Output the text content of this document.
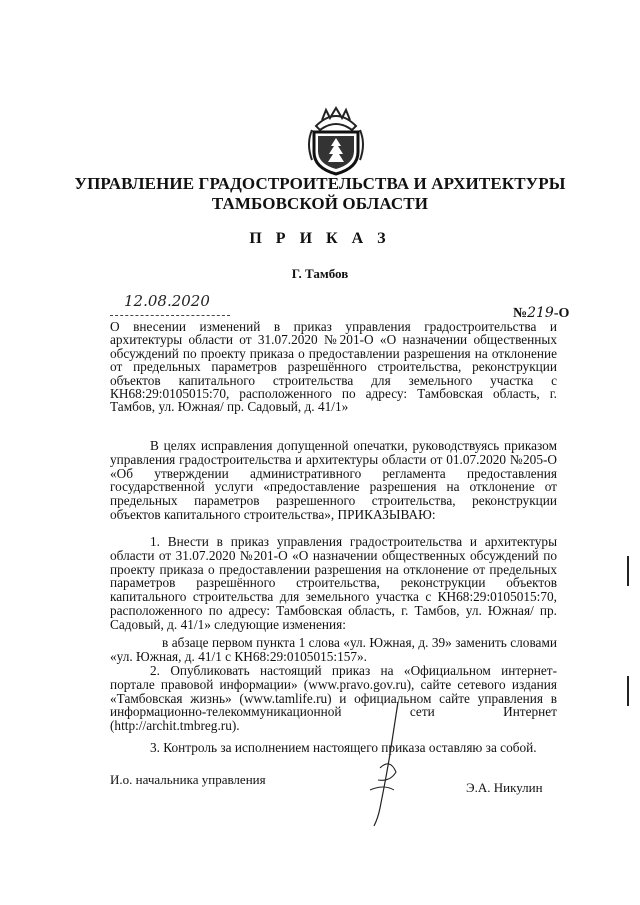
УПРАВЛЕНИЕ ГРАДОСТРОИТЕЛЬСТВА И АРХИТЕКТУРЫ
ТАМБОВСКОЙ ОБЛАСТИ
П Р И К А З
Г. Тамбов
12.08.2020
№219-О
О внесении изменений в приказ управления градостроительства и архитектуры области от 31.07.2020 №201-О «О назначении общественных обсуждений по проекту приказа о предоставлении разрешения на отклонение от предельных параметров разрешённого строительства, реконструкции объектов капитального строительства для земельного участка с КН68:29:0105015:70, расположенного по адресу: Тамбовская область, г. Тамбов, ул. Южная/ пр. Садовый, д. 41/1»
В целях исправления допущенной опечатки, руководствуясь приказом управления градостроительства и архитектуры области от 01.07.2020 №205-О «Об утверждении административного регламента предоставления государственной услуги «предоставление разрешения на отклонение от предельных параметров разрешенного строительства, реконструкции объектов капитального строительства», ПРИКАЗЫВАЮ:
1. Внести в приказ управления градостроительства и архитектуры области от 31.07.2020 №201-О «О назначении общественных обсуждений по проекту приказа о предоставлении разрешения на отклонение от предельных параметров разрешённого строительства, реконструкции объектов капитального строительства для земельного участка с КН68:29:0105015:70, расположенного по адресу: Тамбовская область, г. Тамбов, ул. Южная/ пр. Садовый, д. 41/1» следующие изменения:
в абзаце первом пункта 1 слова «ул. Южная, д. 39» заменить словами «ул. Южная, д. 41/1 с КН68:29:0105015:157».
2. Опубликовать настоящий приказ на «Официальном интернет-портале правовой информации» (www.pravo.gov.ru), сайте сетевого издания «Тамбовская жизнь» (www.tamlife.ru) и официальном сайте управления в информационно-телекоммуникационной сети Интернет (http://archit.tmbreg.ru).
3. Контроль за исполнением настоящего приказа оставляю за собой.
И.о. начальника управления
Э.А. Никулин
